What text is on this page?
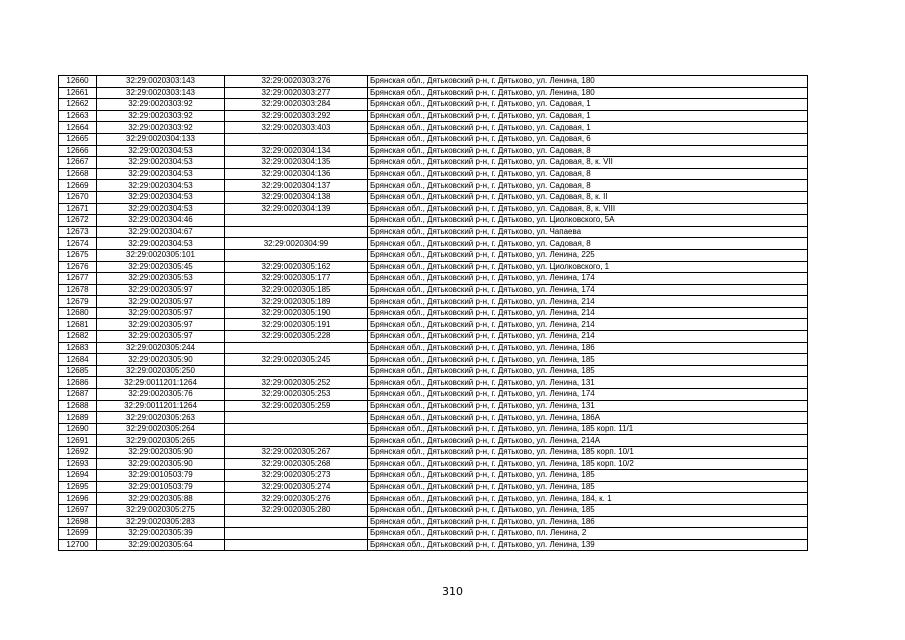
12660	32:29:0020303:143	32:29:0020303:276	Брянская обл., Дятьковский р-н, г. Дятьково, ул. Ленина, 180
12661	32:29:0020303:143	32:29:0020303:277	Брянская обл., Дятьковский р-н, г. Дятьково, ул. Ленина, 180
12662	32:29:0020303:92	32:29:0020303:284	Брянская обл., Дятьковский р-н, г. Дятьково, ул. Садовая, 1
12663	32:29:0020303:92	32:29:0020303:292	Брянская обл., Дятьковский р-н, г. Дятьково, ул. Садовая, 1
12664	32:29:0020303:92	32:29:0020303:403	Брянская обл., Дятьковский р-н, г. Дятьково, ул. Садовая, 1
12665	32:29:0020304:133		Брянская обл., Дятьковский р-н, г. Дятьково, ул. Садовая, 6
12666	32:29:0020304:53	32:29:0020304:134	Брянская обл., Дятьковский р-н, г. Дятьково, ул. Садовая, 8
12667	32:29:0020304:53	32:29:0020304:135	Брянская обл., Дятьковский р-н, г. Дятьково, ул. Садовая, 8, к. VII
12668	32:29:0020304:53	32:29:0020304:136	Брянская обл., Дятьковский р-н, г. Дятьково, ул. Садовая, 8
12669	32:29:0020304:53	32:29:0020304:137	Брянская обл., Дятьковский р-н, г. Дятьково, ул. Садовая, 8
12670	32:29:0020304:53	32:29:0020304:138	Брянская обл., Дятьковский р-н, г. Дятьково, ул. Садовая, 8, к. II
12671	32:29:0020304:53	32:29:0020304:139	Брянская обл., Дятьковский р-н, г. Дятьково, ул. Садовая, 8, к. VIII
12672	32:29:0020304:46		Брянская обл., Дятьковский р-н, г. Дятьково, ул. Циолковского, 5А
12673	32:29:0020304:67		Брянская обл., Дятьковский р-н, г. Дятьково, ул. Чапаева
12674	32:29:0020304:53	32:29:0020304:99	Брянская обл., Дятьковский р-н, г. Дятьково, ул. Садовая, 8
12675	32:29:0020305:101		Брянская обл., Дятьковский р-н, г. Дятьково, ул. Ленина, 225
12676	32:29:0020305:45	32:29:0020305:162	Брянская обл., Дятьковский р-н, г. Дятьково, ул. Циолковского, 1
12677	32:29:0020305:53	32:29:0020305:177	Брянская обл., Дятьковский р-н, г. Дятьково, ул. Ленина, 174
12678	32:29:0020305:97	32:29:0020305:185	Брянская обл., Дятьковский р-н, г. Дятьково, ул. Ленина, 174
12679	32:29:0020305:97	32:29:0020305:189	Брянская обл., Дятьковский р-н, г. Дятьково, ул. Ленина, 214
12680	32:29:0020305:97	32:29:0020305:190	Брянская обл., Дятьковский р-н, г. Дятьково, ул. Ленина, 214
12681	32:29:0020305:97	32:29:0020305:191	Брянская обл., Дятьковский р-н, г. Дятьково, ул. Ленина, 214
12682	32:29:0020305:97	32:29:0020305:228	Брянская обл., Дятьковский р-н, г. Дятьково, ул. Ленина, 214
12683	32:29:0020305:244		Брянская обл., Дятьковский р-н, г. Дятьково, ул. Ленина, 186
12684	32:29:0020305:90	32:29:0020305:245	Брянская обл., Дятьковский р-н, г. Дятьково, ул. Ленина, 185
12685	32:29:0020305:250		Брянская обл., Дятьковский р-н, г. Дятьково, ул. Ленина, 185
12686	32:29:0011201:1264	32:29:0020305:252	Брянская обл., Дятьковский р-н, г. Дятьково, ул. Ленина, 131
12687	32:29:0020305:76	32:29:0020305:253	Брянская обл., Дятьковский р-н, г. Дятьково, ул. Ленина, 174
12688	32:29:0011201:1264	32:29:0020305:259	Брянская обл., Дятьковский р-н, г. Дятьково, ул. Ленина, 131
12689	32:29:0020305:263		Брянская обл., Дятьковский р-н, г. Дятьково, ул. Ленина, 186А
12690	32:29:0020305:264		Брянская обл., Дятьковский р-н, г. Дятьково, ул. Ленина, 185 корп. 11/1
12691	32:29:0020305:265		Брянская обл., Дятьковский р-н, г. Дятьково, ул. Ленина, 214А
12692	32:29:0020305:90	32:29:0020305:267	Брянская обл., Дятьковский р-н, г. Дятьково, ул. Ленина, 185 корп. 10/1
12693	32:29:0020305:90	32:29:0020305:268	Брянская обл., Дятьковский р-н, г. Дятьково, ул. Ленина, 185 корп. 10/2
12694	32:29:0010503:79	32:29:0020305:273	Брянская обл., Дятьковский р-н, г. Дятьково, ул. Ленина, 185
12695	32:29:0010503:79	32:29:0020305:274	Брянская обл., Дятьковский р-н, г. Дятьково, ул. Ленина, 185
12696	32:29:0020305:88	32:29:0020305:276	Брянская обл., Дятьковский р-н, г. Дятьково, ул. Ленина, 184, к. 1
12697	32:29:0020305:275	32:29:0020305:280	Брянская обл., Дятьковский р-н, г. Дятьково, ул. Ленина, 185
12698	32:29:0020305:283		Брянская обл., Дятьковский р-н, г. Дятьково, ул. Ленина, 186
12699	32:29:0020305:39		Брянская обл., Дятьковский р-н, г. Дятьково, пл. Ленина, 2
12700	32:29:0020305:64		Брянская обл., Дятьковский р-н, г. Дятьково, ул. Ленина, 139
310
